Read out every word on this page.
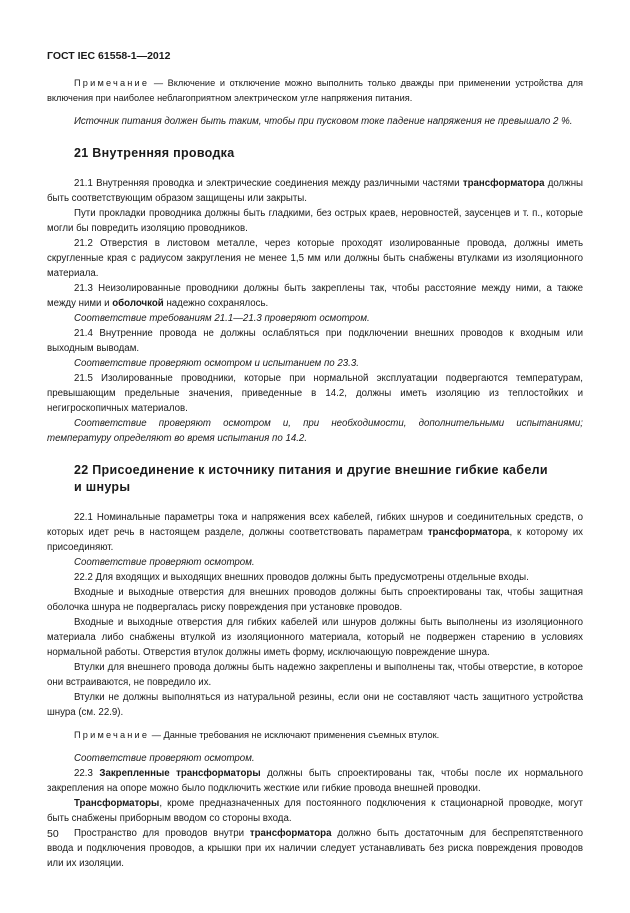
ГОСТ IEC 61558-1—2012

Примечание — Включение и отключение можно выполнить только дважды при применении устройства для включения при наиболее неблагоприятном электрическом угле напряжения питания.

Источник питания должен быть таким, чтобы при пусковом токе падение напряжения не превышало 2 %.

21 Внутренняя проводка

21.1 Внутренняя проводка и электрические соединения между различными частями трансформатора должны быть соответствующим образом защищены или закрыты.

Пути прокладки проводника должны быть гладкими, без острых краев, неровностей, заусенцев и т. п., которые могли бы повредить изоляцию проводников.

21.2 Отверстия в листовом металле, через которые проходят изолированные провода, должны иметь скругленные края с радиусом закругления не менее 1,5 мм или должны быть снабжены втулками из изоляционного материала.

21.3 Неизолированные проводники должны быть закреплены так, чтобы расстояние между ними, а также между ними и оболочкой надежно сохранялось.

Соответствие требованиям 21.1—21.3 проверяют осмотром.

21.4 Внутренние провода не должны ослабляться при подключении внешних проводов к входным или выходным выводам.

Соответствие проверяют осмотром и испытанием по 23.3.

21.5 Изолированные проводники, которые при нормальной эксплуатации подвергаются температурам, превышающим предельные значения, приведенные в 14.2, должны иметь изоляцию из теплостойких и негигроскопичных материалов.

Соответствие проверяют осмотром и, при необходимости, дополнительными испытаниями; температуру определяют во время испытания по 14.2.

22 Присоединение к источнику питания и другие внешние гибкие кабели
и шнуры

22.1 Номинальные параметры тока и напряжения всех кабелей, гибких шнуров и соединительных средств, о которых идет речь в настоящем разделе, должны соответствовать параметрам трансформатора, к которому их присоединяют.

Соответствие проверяют осмотром.

22.2 Для входящих и выходящих внешних проводов должны быть предусмотрены отдельные входы.

Входные и выходные отверстия для внешних проводов должны быть спроектированы так, чтобы защитная оболочка шнура не подвергалась риску повреждения при установке проводов.

Входные и выходные отверстия для гибких кабелей или шнуров должны быть выполнены из изоляционного материала либо снабжены втулкой из изоляционного материала, который не подвержен старению в условиях нормальной работы. Отверстия втулок должны иметь форму, исключающую повреждение шнура.

Втулки для внешнего провода должны быть надежно закреплены и выполнены так, чтобы отверстие, в которое они встраиваются, не повредило их.

Втулки не должны выполняться из натуральной резины, если они не составляют часть защитного устройства шнура (см. 22.9).

Примечание — Данные требования не исключают применения съемных втулок.

Соответствие проверяют осмотром.

22.3 Закрепленные трансформаторы должны быть спроектированы так, чтобы после их нормального закрепления на опоре можно было подключить жесткие или гибкие провода внешней проводки.

Трансформаторы, кроме предназначенных для постоянного подключения к стационарной проводке, могут быть снабжены приборным вводом со стороны входа.

Пространство для проводов внутри трансформатора должно быть достаточным для беспрепятственного ввода и подключения проводов, а крышки при их наличии следует устанавливать без риска повреждения проводов или их изоляции.

50
